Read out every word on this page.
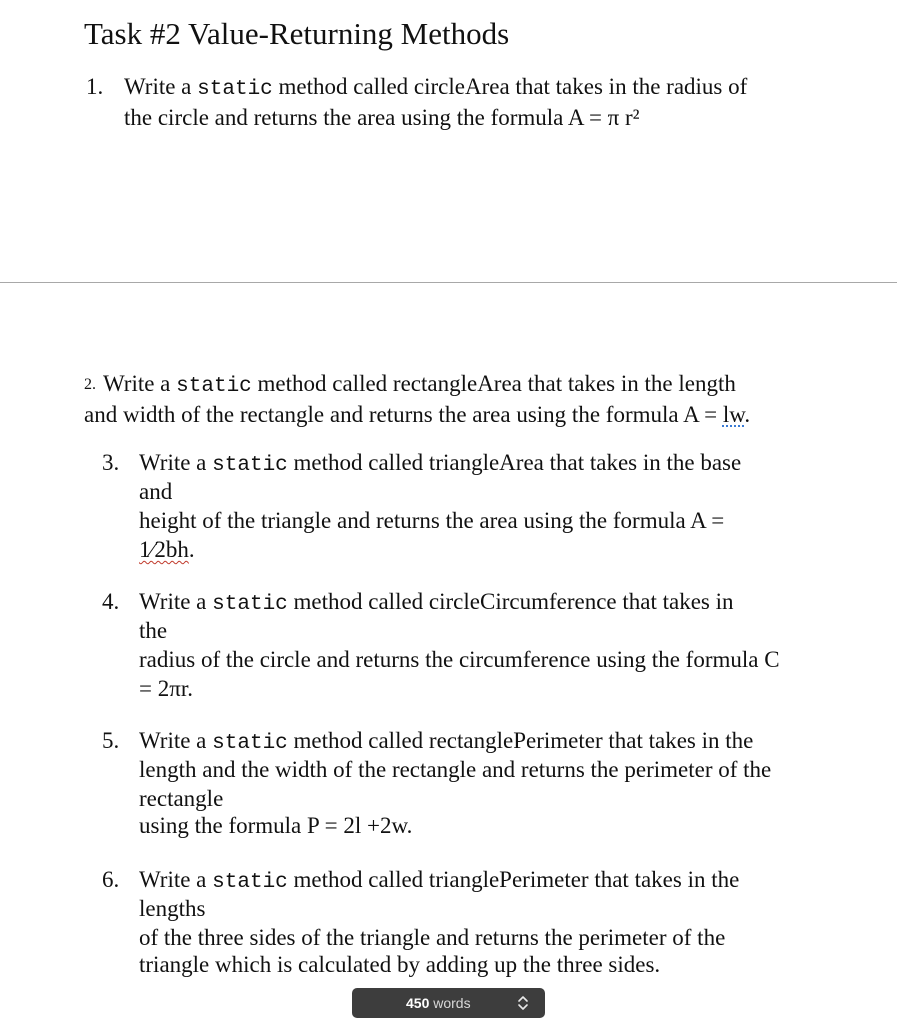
Task #2 Value-Returning Methods
1. Write a static method called circleArea that takes in the radius of
the circle and returns the area using the formula A = π r²
2. Write a static method called rectangleArea that takes in the length
and width of the rectangle and returns the area using the formula A = lw.
3. Write a static method called triangleArea that takes in the base
and
height of the triangle and returns the area using the formula A =
1⁄2bh.
4. Write a static method called circleCircumference that takes in
the
radius of the circle and returns the circumference using the formula C
= 2πr.
5. Write a static method called rectanglePerimeter that takes in the
length and the width of the rectangle and returns the perimeter of the
rectangle
using the formula P = 2l +2w.
6. Write a static method called trianglePerimeter that takes in the
lengths
of the three sides of the triangle and returns the perimeter of the
triangle which is calculated by adding up the three sides.
450 words
